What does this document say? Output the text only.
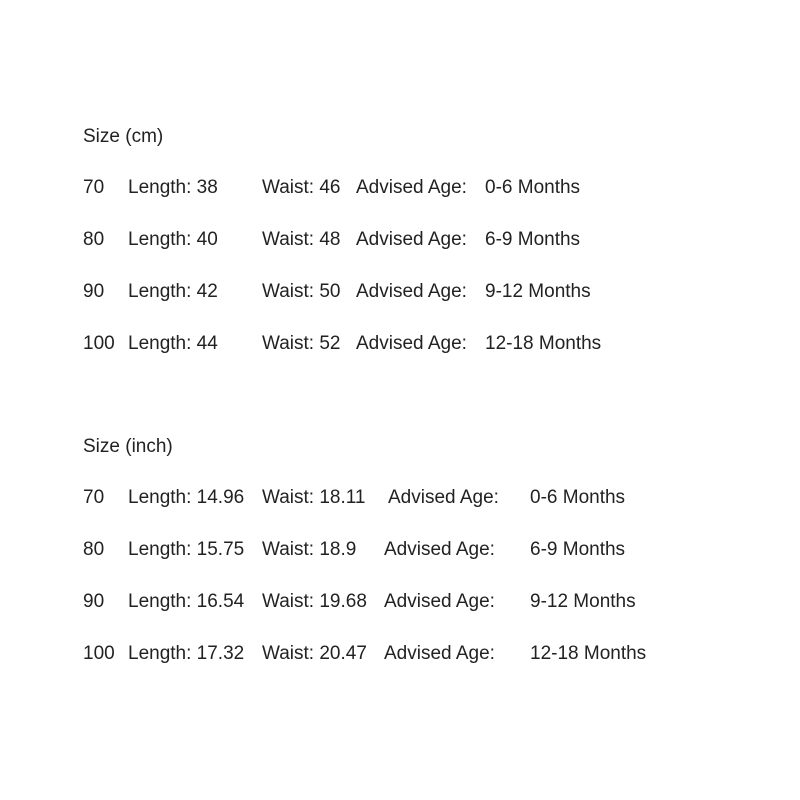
Size (cm)
70 Length: 38 Waist: 46 Advised Age: 0-6 Months
80 Length: 40 Waist: 48 Advised Age: 6-9 Months
90 Length: 42 Waist: 50 Advised Age: 9-12 Months
100 Length: 44 Waist: 52 Advised Age: 12-18 Months
Size (inch)
70 Length: 14.96 Waist: 18.11 Advised Age: 0-6 Months
80 Length: 15.75 Waist: 18.9 Advised Age: 6-9 Months
90 Length: 16.54 Waist: 19.68 Advised Age: 9-12 Months
100 Length: 17.32 Waist: 20.47 Advised Age: 12-18 Months
